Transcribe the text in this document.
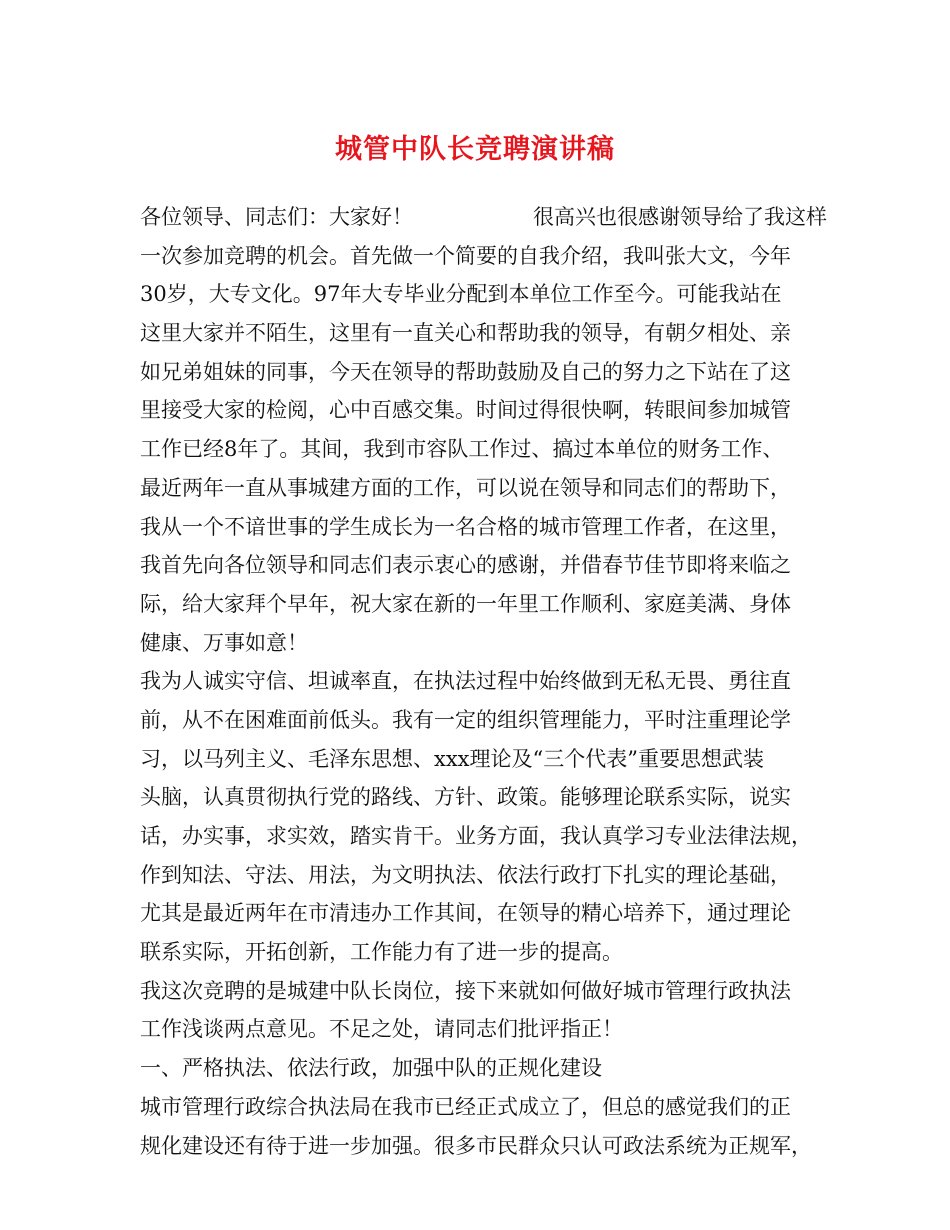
城管中队长竞聘演讲稿
各位领导、同志们：大家好！	很高兴也很感谢领导给了我这样
一次参加竞聘的机会。首先做一个简要的自我介绍，我叫张大文，今年
30岁，大专文化。97年大专毕业分配到本单位工作至今。可能我站在
这里大家并不陌生，这里有一直关心和帮助我的领导，有朝夕相处、亲
如兄弟姐妹的同事，今天在领导的帮助鼓励及自己的努力之下站在了这
里接受大家的检阅，心中百感交集。时间过得很快啊，转眼间参加城管
工作已经8年了。其间，我到市容队工作过、搞过本单位的财务工作、
最近两年一直从事城建方面的工作，可以说在领导和同志们的帮助下，
我从一个不谙世事的学生成长为一名合格的城市管理工作者，在这里，
我首先向各位领导和同志们表示衷心的感谢，并借春节佳节即将来临之
际，给大家拜个早年，祝大家在新的一年里工作顺利、家庭美满、身体
健康、万事如意！
我为人诚实守信、坦诚率直，在执法过程中始终做到无私无畏、勇往直
前，从不在困难面前低头。我有一定的组织管理能力，平时注重理论学
习，以马列主义、毛泽东思想、xxx理论及“三个代表”重要思想武装
头脑，认真贯彻执行党的路线、方针、政策。能够理论联系实际，说实
话，办实事，求实效，踏实肯干。业务方面，我认真学习专业法律法规，
作到知法、守法、用法，为文明执法、依法行政打下扎实的理论基础，
尤其是最近两年在市清违办工作其间，在领导的精心培养下，通过理论
联系实际，开拓创新，工作能力有了进一步的提高。
我这次竞聘的是城建中队长岗位，接下来就如何做好城市管理行政执法
工作浅谈两点意见。不足之处，请同志们批评指正！
一、严格执法、依法行政，加强中队的正规化建设
城市管理行政综合执法局在我市已经正式成立了，但总的感觉我们的正
规化建设还有待于进一步加强。很多市民群众只认可政法系统为正规军，
